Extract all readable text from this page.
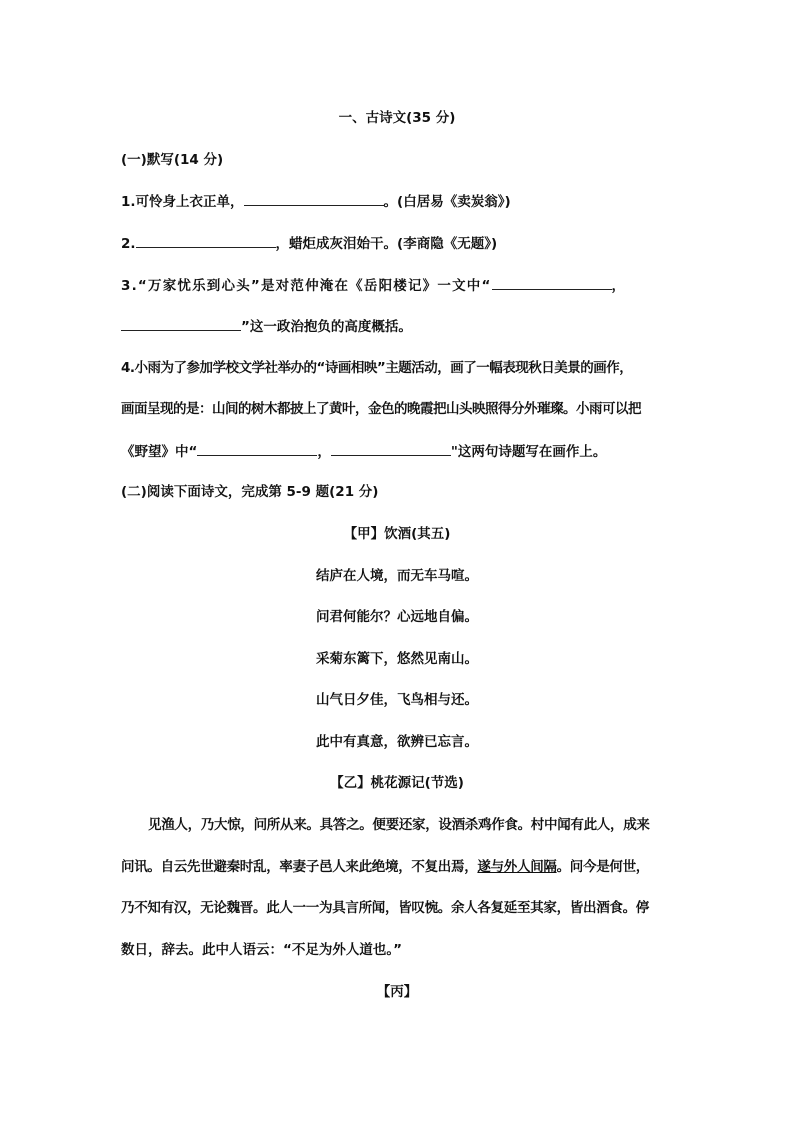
一、古诗文(35 分)
(一)默写(14 分)
1.可怜身上衣正单，	。(白居易《卖炭翁》)
2.	，蜡炬成灰泪始干。(李商隐《无题》)
3.“万家忧乐到心头”是对范仲淹在《岳阳楼记》一文中“	，
”这一政治抱负的高度概括。
4.小雨为了参加学校文学社举办的“诗画相映”主题活动，画了一幅表现秋日美景的画作，
画面呈现的是：山间的树木都披上了黄叶，金色的晚霞把山头映照得分外璀璨。小雨可以把
《野望》中“	，	"这两句诗题写在画作上。
(二)阅读下面诗文，完成第 5-9 题(21 分)
【甲】饮酒(其五)
结庐在人境，而无车马喧。
问君何能尔？心远地自偏。
采菊东篱下，悠然见南山。
山气日夕佳，飞鸟相与还。
此中有真意，欲辨已忘言。
【乙】桃花源记(节选)
见渔人，乃大惊，问所从来。具答之。便要还家，设酒杀鸡作食。村中闻有此人，成来
问讯。自云先世避秦时乱，率妻子邑人来此绝境，不复出焉，遂与外人间隔。问今是何世，
乃不知有汉，无论魏晋。此人一一为具言所闻，皆叹惋。余人各复延至其家，皆出酒食。停
数日，辞去。此中人语云：“不足为外人道也。”
【丙】
